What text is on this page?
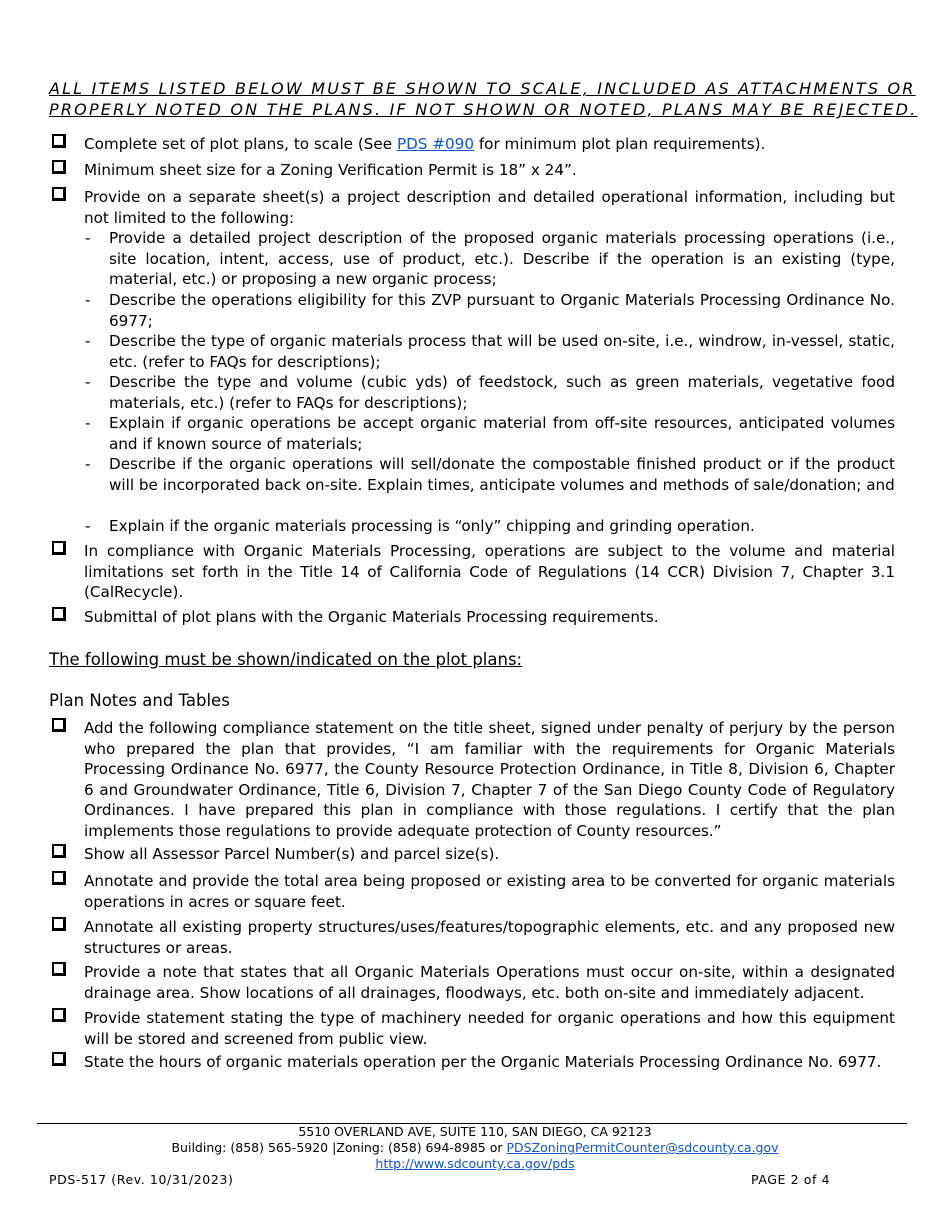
ALL ITEMS LISTED BELOW MUST BE SHOWN TO SCALE, INCLUDED AS ATTACHMENTS OR
PROPERLY NOTED ON THE PLANS. IF NOT SHOWN OR NOTED, PLANS MAY BE REJECTED.
Complete set of plot plans, to scale (See PDS #090 for minimum plot plan requirements).
Minimum sheet size for a Zoning Verification Permit is 18” x 24”.
Provide on a separate sheet(s) a project description and detailed operational information, including but not limited to the following:
- Provide a detailed project description of the proposed organic materials processing operations (i.e., site location, intent, access, use of product, etc.). Describe if the operation is an existing (type, material, etc.) or proposing a new organic process;
- Describe the operations eligibility for this ZVP pursuant to Organic Materials Processing Ordinance No. 6977;
- Describe the type of organic materials process that will be used on-site, i.e., windrow, in-vessel, static, etc. (refer to FAQs for descriptions);
- Describe the type and volume (cubic yds) of feedstock, such as green materials, vegetative food materials, etc.) (refer to FAQs for descriptions);
- Explain if organic operations be accept organic material from off-site resources, anticipated volumes and if known source of materials;
- Describe if the organic operations will sell/donate the compostable finished product or if the product will be incorporated back on-site. Explain times, anticipate volumes and methods of sale/donation; and
- Explain if the organic materials processing is “only” chipping and grinding operation.
In compliance with Organic Materials Processing, operations are subject to the volume and material limitations set forth in the Title 14 of California Code of Regulations (14 CCR) Division 7, Chapter 3.1 (CalRecycle).
Submittal of plot plans with the Organic Materials Processing requirements.
The following must be shown/indicated on the plot plans:
Plan Notes and Tables
Add the following compliance statement on the title sheet, signed under penalty of perjury by the person who prepared the plan that provides, “I am familiar with the requirements for Organic Materials Processing Ordinance No. 6977, the County Resource Protection Ordinance, in Title 8, Division 6, Chapter 6 and Groundwater Ordinance, Title 6, Division 7, Chapter 7 of the San Diego County Code of Regulatory Ordinances. I have prepared this plan in compliance with those regulations. I certify that the plan implements those regulations to provide adequate protection of County resources.”
Show all Assessor Parcel Number(s) and parcel size(s).
Annotate and provide the total area being proposed or existing area to be converted for organic materials operations in acres or square feet.
Annotate all existing property structures/uses/features/topographic elements, etc. and any proposed new structures or areas.
Provide a note that states that all Organic Materials Operations must occur on-site, within a designated drainage area. Show locations of all drainages, floodways, etc. both on-site and immediately adjacent.
Provide statement stating the type of machinery needed for organic operations and how this equipment will be stored and screened from public view.
State the hours of organic materials operation per the Organic Materials Processing Ordinance No. 6977.
5510 OVERLAND AVE, SUITE 110, SAN DIEGO, CA 92123
Building: (858) 565-5920 |Zoning: (858) 694-8985 or PDSZoningPermitCounter@sdcounty.ca.gov
http://www.sdcounty.ca.gov/pds
PDS-517 (Rev. 10/31/2023)	PAGE 2 of 4
